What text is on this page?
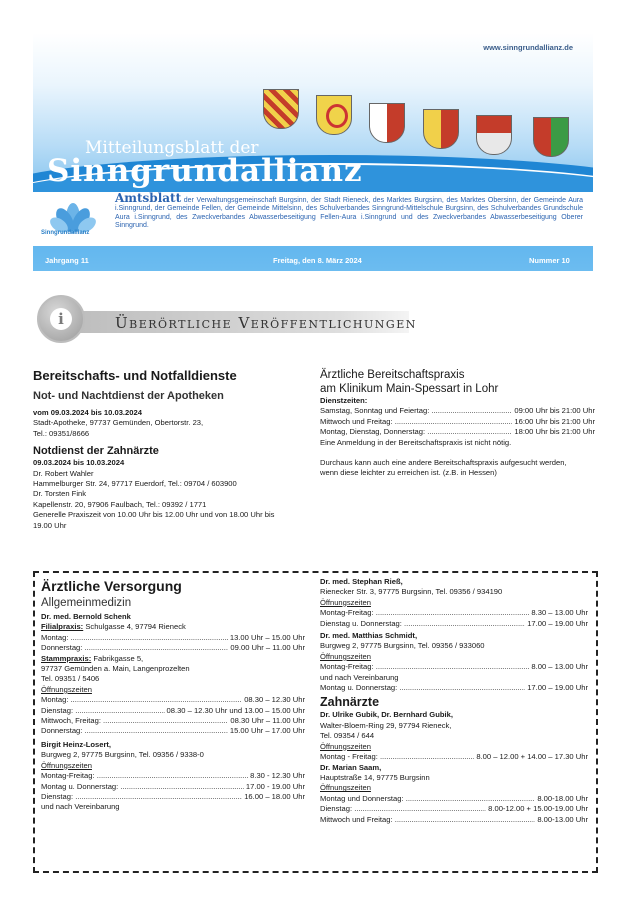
www.sinngrundallianz.de
Mitteilungsblatt der
Sinngrundallianz
Sinngrundallianz
Amtsblatt der Verwaltungsgemeinschaft Burgsinn, der Stadt Rieneck, des Marktes Burgsinn, des Marktes Obersinn, der Gemeinde Aura i.Sinngrund, der Gemeinde Fellen, der Gemeinde Mittelsinn, des Schulverbandes Sinngrund-Mittelschule Burgsinn, des Schulverbandes Grundschule Aura i.Sinngrund, des Zweckverbandes Abwasserbeseitigung Fellen-Aura i.Sinngrund und des Zweckverbandes Abwasserbeseitigung Oberer Sinngrund.
Jahrgang 11	Freitag, den 8. März 2024	Nummer 10
i	Überörtliche Veröffentlichungen

Bereitschafts- und Notfalldienste

Not- und Nachtdienst der Apotheken

vom 09.03.2024 bis 10.03.2024

Stadt-Apotheke, 97737 Gemünden, Obertorstr. 23,

Tel.: 09351/8666

Notdienst der Zahnärzte

09.03.2024 bis 10.03.2024

Dr. Robert Wahler

Hammelburger Str. 24, 97717 Euerdorf, Tel.: 09704 / 603900

Dr. Torsten Fink

Kapellenstr. 20, 97906 Faulbach, Tel.: 09392 / 1771

Generelle Praxiszeit von 10.00 Uhr bis 12.00 Uhr und von 18.00 Uhr bis

19.00 Uhr

Ärztliche Bereitschaftspraxis

am Klinikum Main-Spessart in Lohr

Dienstzeiten:

Samstag, Sonntag und Feiertag: .....	09:00 Uhr bis 21:00 Uhr
Mittwoch und Freitag: .....	16:00 Uhr bis 21:00 Uhr
Montag, Dienstag, Donnerstag: .....	18:00 Uhr bis 21:00 Uhr

Eine Anmeldung in der Bereitschaftspraxis ist nicht nötig.

Durchaus kann auch eine andere Bereitschaftspraxis aufgesucht werden,

wenn diese leichter zu erreichen ist. (z.B. in Hessen)

Ärztliche Versorgung

Allgemeinmedizin

Dr. med. Bernold Schenk

Filialpraxis: Schulgasse 4, 97794 Rieneck

Montag: .....	13.00 Uhr – 15.00 Uhr
Donnerstag: .....	09.00 Uhr – 11.00 Uhr

Stammpraxis: Fabrikgasse 5,

97737 Gemünden a. Main, Langenprozelten

Tel. 09351 / 5406

Öffnungszeiten

Montag: .....	08.30 – 12.30 Uhr
Dienstag: .....	08.30 – 12.30 Uhr und 13.00 – 15.00 Uhr
Mittwoch, Freitag: .....	08.30 Uhr – 11.00 Uhr
Donnerstag: .....	15.00 Uhr – 17.00 Uhr

Birgit Heinz-Losert,

Burgweg 2, 97775 Burgsinn, Tel. 09356 / 9338-0

Öffnungszeiten

Montag-Freitag: .....	8.30 - 12.30 Uhr
Montag u. Donnerstag: .....	17.00 - 19.00 Uhr
Dienstag: .....	16.00 – 18.00 Uhr

und nach Vereinbarung

Dr. med. Stephan Rieß,

Rienecker Str. 3, 97775 Burgsinn, Tel. 09356 / 934190

Öffnungszeiten

Montag-Freitag: .....	8.30 – 13.00 Uhr
Dienstag u. Donnerstag: .....	17.00 – 19.00 Uhr

Dr. med. Matthias Schmidt,

Burgweg 2, 97775 Burgsinn, Tel. 09356 / 933060

Öffnungszeiten

Montag-Freitag: .....	8.00 – 13.00 Uhr

und nach Vereinbarung

Montag u. Donnerstag: .....	17.00 – 19.00 Uhr

Zahnärzte

Dr. Ulrike Gubik, Dr. Bernhard Gubik,

Walter-Bloem-Ring 29, 97794 Rieneck,

Tel. 09354 / 644

Öffnungszeiten

Montag - Freitag: .....	8.00 – 12.00 + 14.00 – 17.30 Uhr

Dr. Marian Saam,

Hauptstraße 14, 97775 Burgsinn

Öffnungszeiten

Montag und Donnerstag: .....	8.00-18.00 Uhr
Dienstag: .....	8.00-12.00 + 15.00-19.00 Uhr
Mittwoch und Freitag: .....	8.00-13.00 Uhr
